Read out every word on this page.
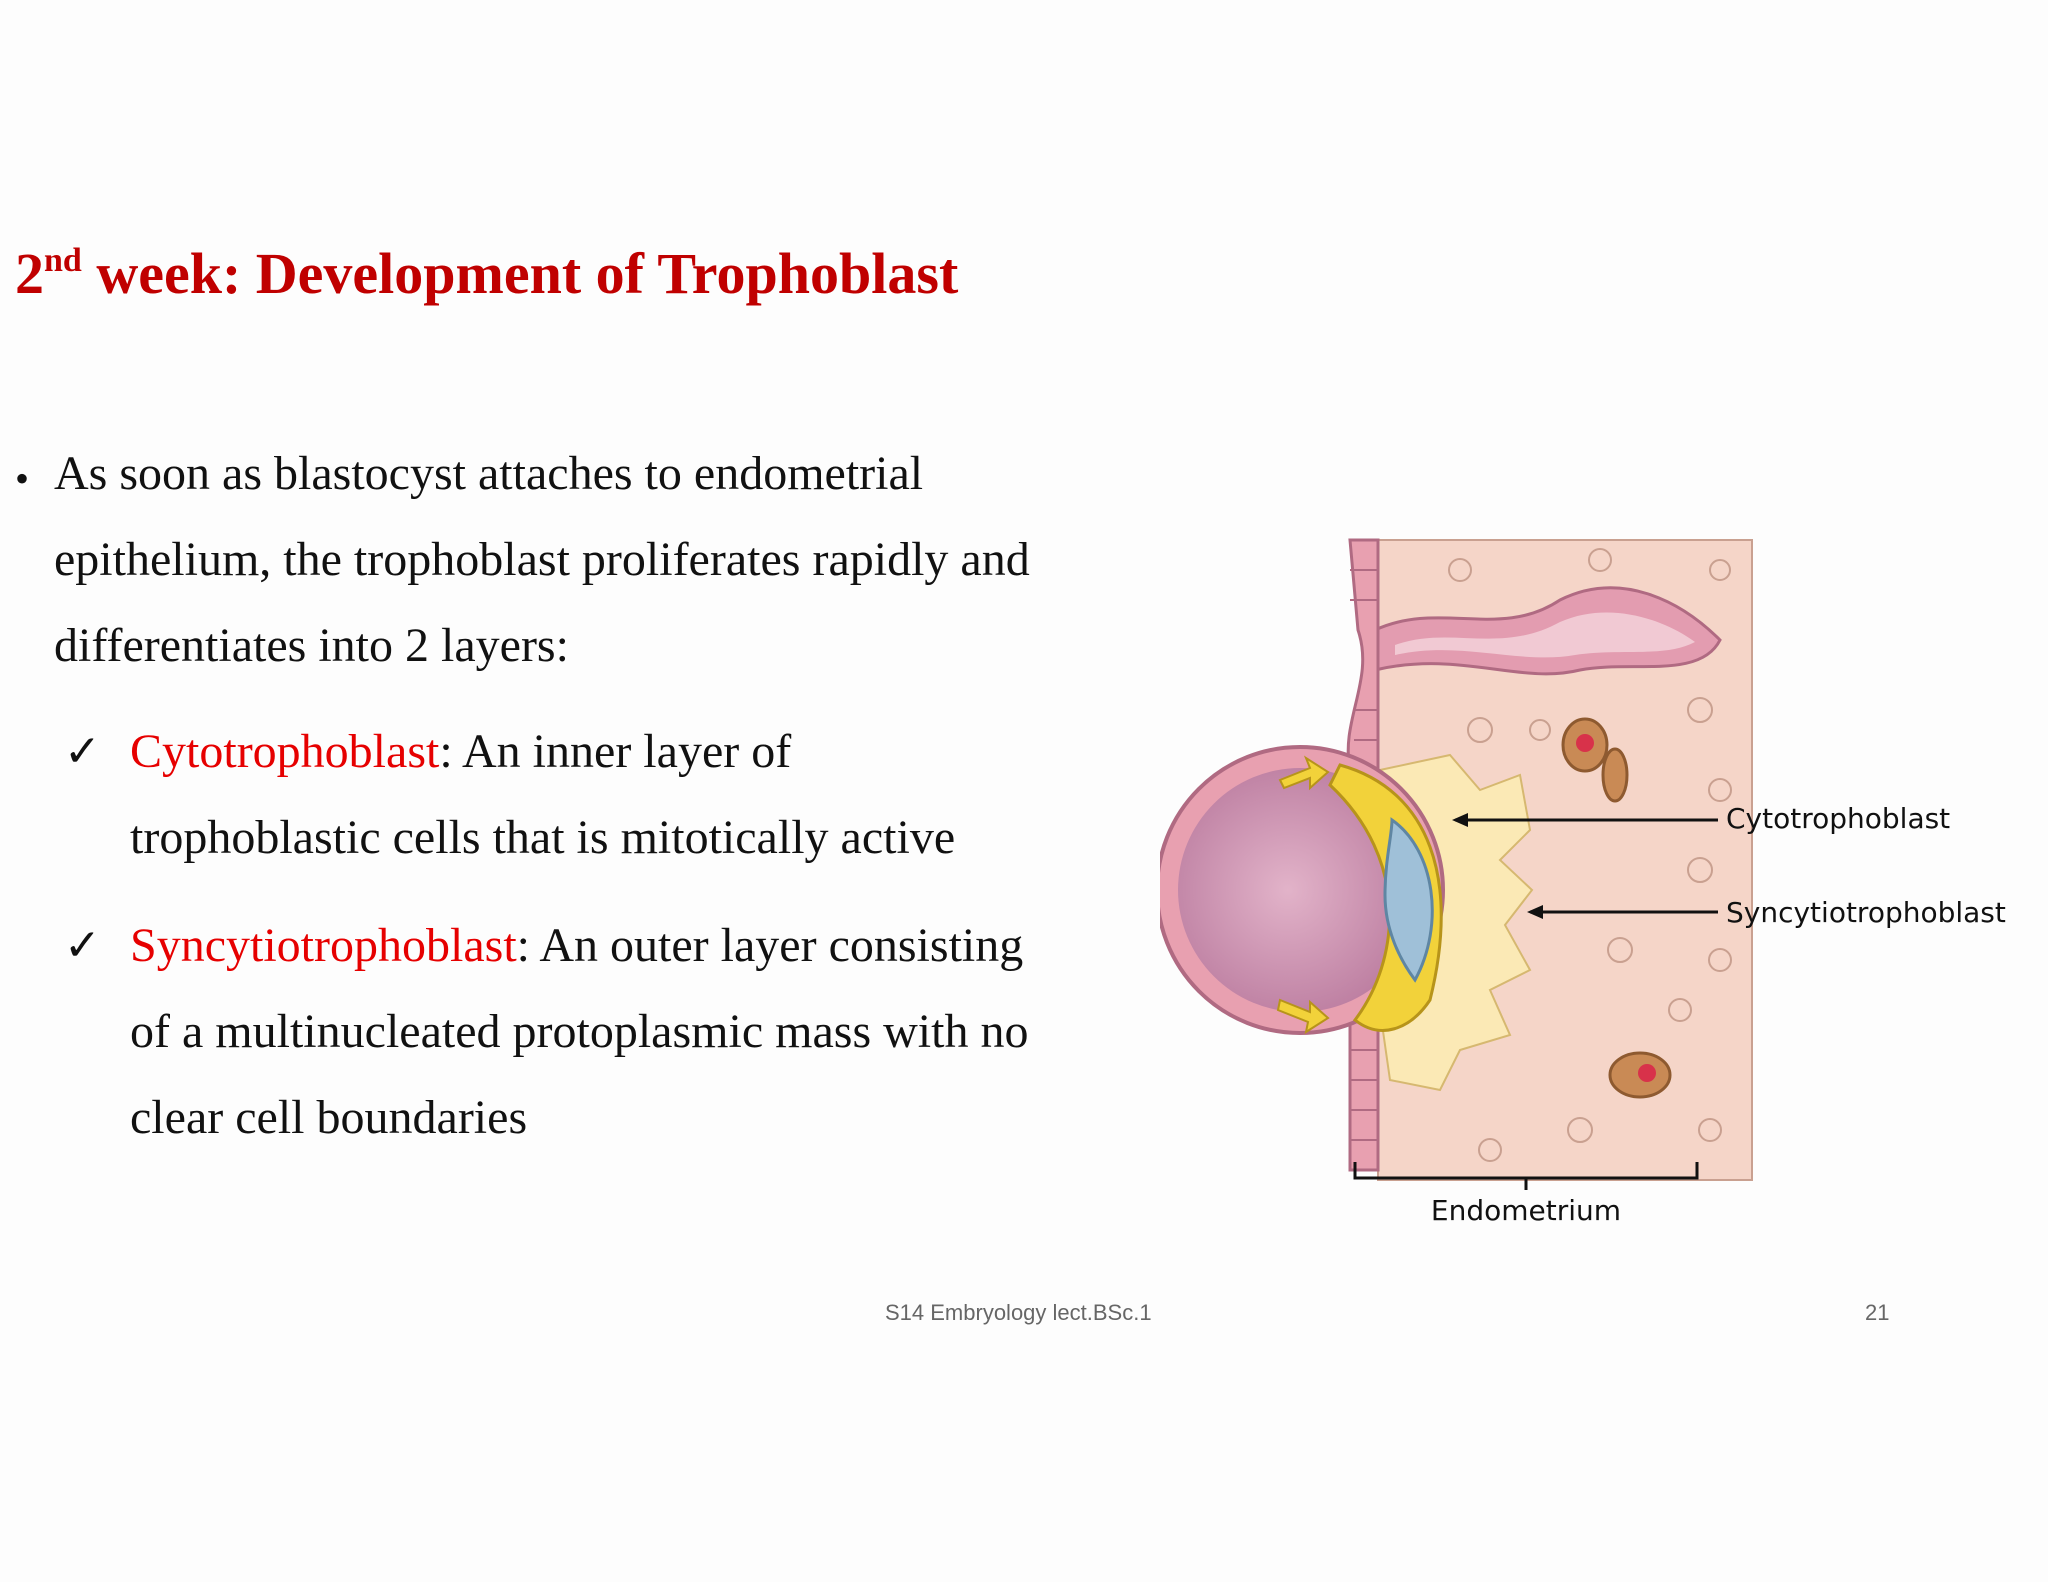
2nd week: Development of Trophoblast
• As soon as blastocyst attaches to endometrial
epithelium, the trophoblast proliferates rapidly and
differentiates into 2 layers:
✓ Cytotrophoblast: An inner layer of
trophoblastic cells that is mitotically active
✓ Syncytiotrophoblast: An outer layer consisting
of a multinucleated protoplasmic mass with no
clear cell boundaries
Cytotrophoblast
Syncytiotrophoblast
Endometrium
S14 Embryology lect.BSc.1	21
